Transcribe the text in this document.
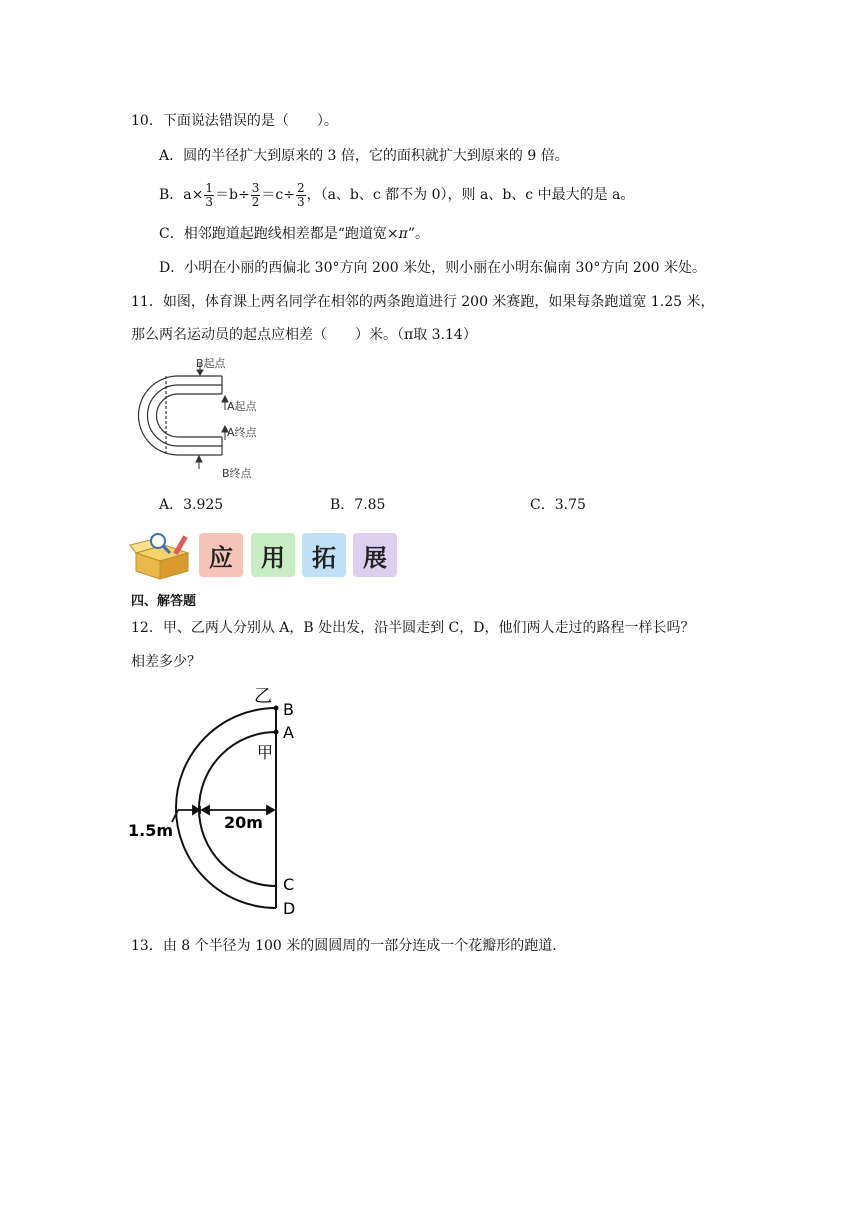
10．下面说法错误的是（　　）。
A．圆的半径扩大到原来的 3 倍，它的面积就扩大到原来的 9 倍。
B．$a\times \frac{1}{3} =b\div \frac{3}{2} =c\div \frac{2}{3}$ ，（a、b、c 都不为 0），则 a、b、c 中最大的是 a。
C．相邻跑道起跑线相差都是“跑道宽×π”。
D．小明在小丽的西偏北 30°方向 200 米处，则小丽在小明东偏南 30°方向 200 米处。
11．如图，体育课上两名同学在相邻的两条跑道进行 200 米赛跑，如果每条跑道宽 1.25 米，
那么两名运动员的起点应相差（　　）米。（π取 3.14）
B起点
A起点
A终点
B终点
A．3.925	B．7.85	C．3.75
应	用	拓	展
四、解答题
12．甲、乙两人分别从 A，B 处出发，沿半圆走到 C，D，他们两人走过的路程一样长吗？
相差多少？
乙
B
A
甲
20m
1.5m
C
D
13．由 8 个半径为 100 米的圆圆周的一部分连成一个花瓣形的跑道.
